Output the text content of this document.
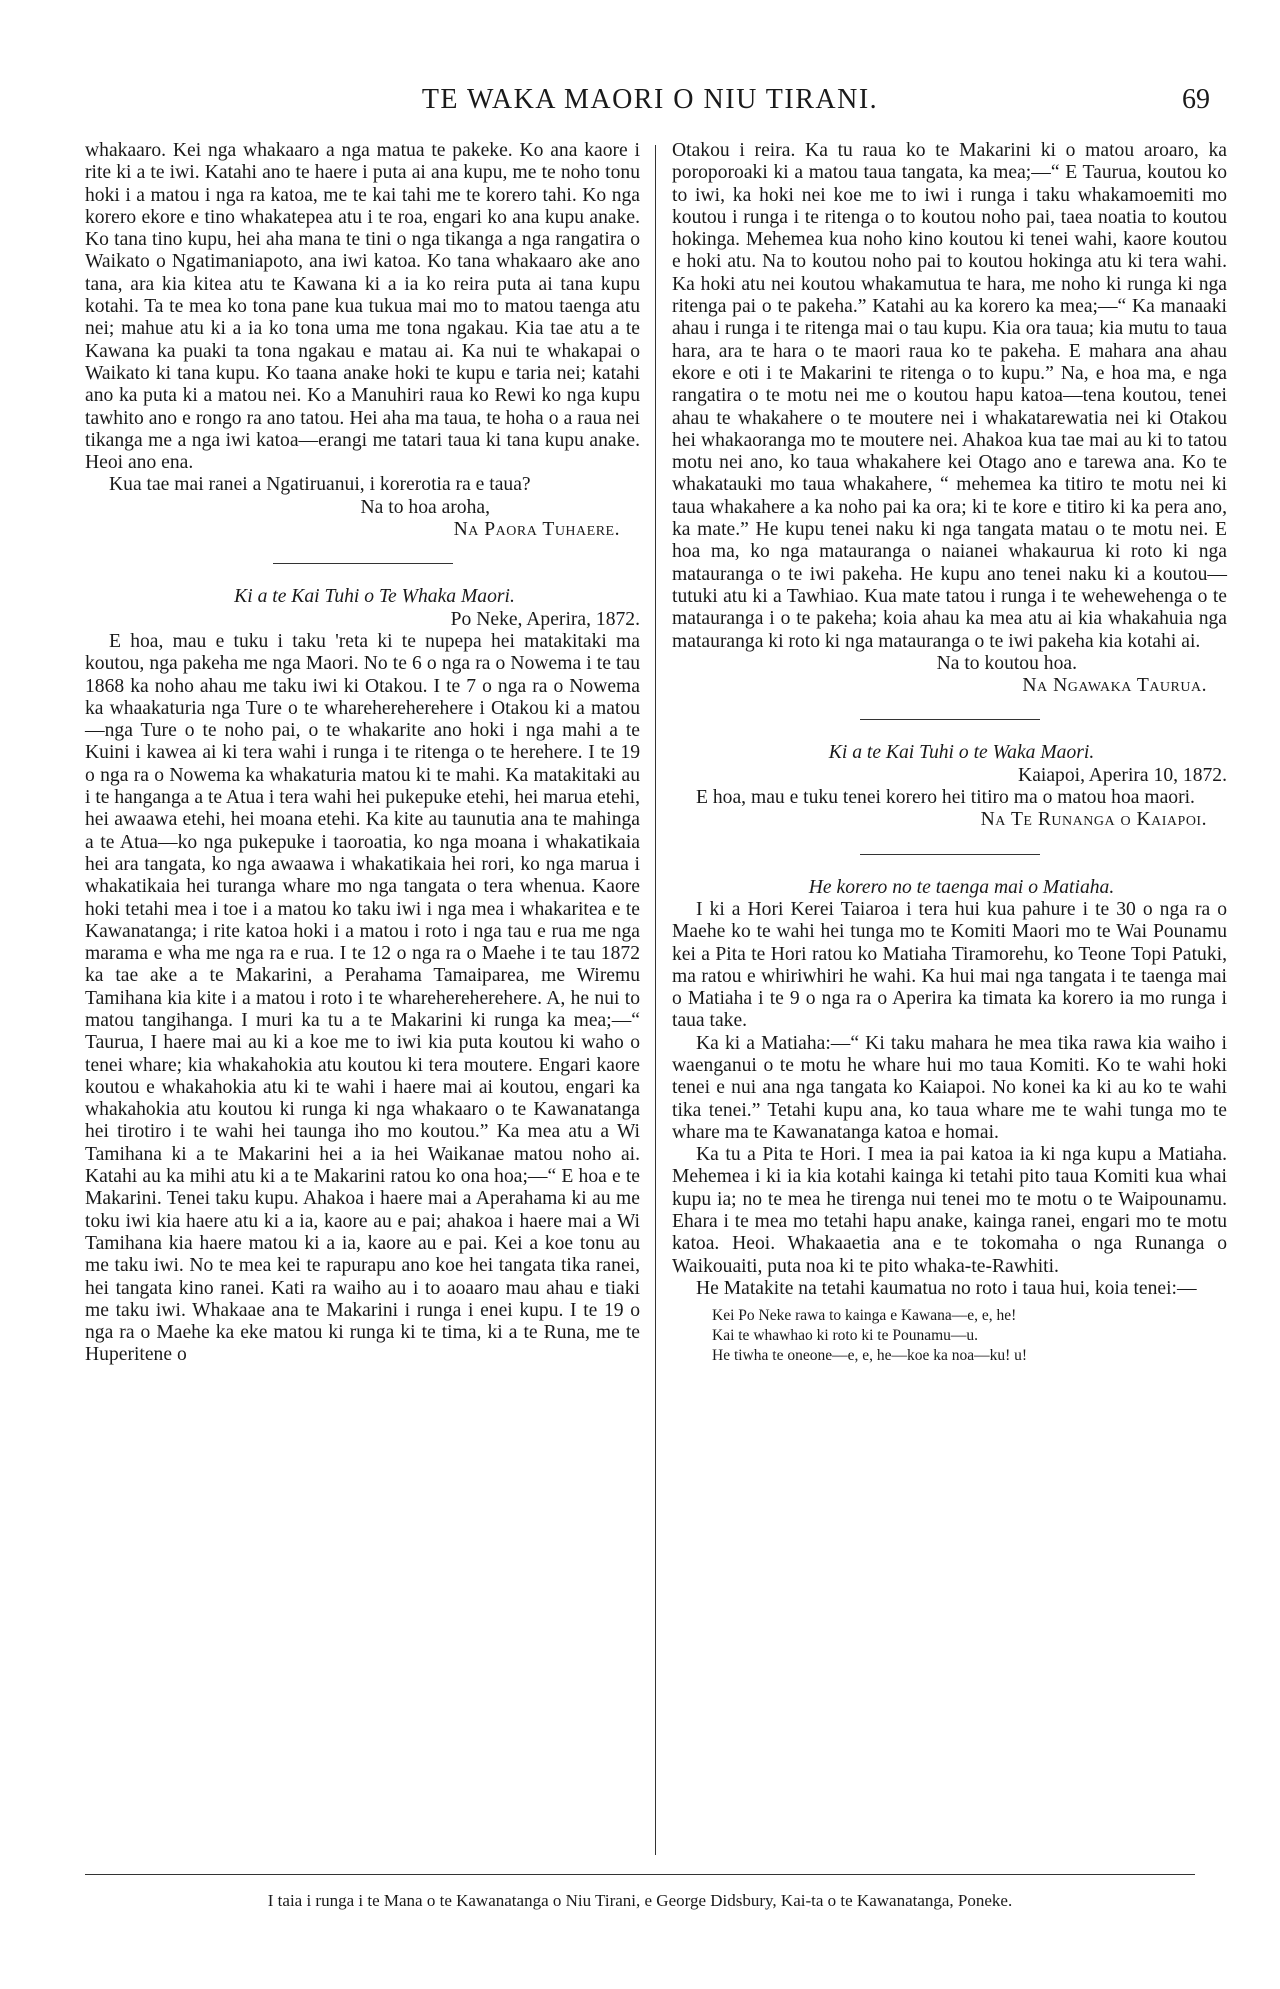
TE WAKA MAORI O NIU TIRANI.	69

whakaaro. Kei nga whakaaro a nga matua te pakeke. Ko ana kaore i rite ki a te iwi. Katahi ano te haere i puta ai ana kupu, me te noho tonu hoki i a matou i nga ra katoa, me te kai tahi me te korero tahi. Ko nga korero ekore e tino whakatepea atu i te roa, engari ko ana kupu anake. Ko tana tino kupu, hei aha mana te tini o nga tikanga a nga rangatira o Waikato o Ngatimaniapoto, ana iwi katoa. Ko tana whakaaro ake ano tana, ara kia kitea atu te Kawana ki a ia ko reira puta ai tana kupu kotahi. Ta te mea ko tona pane kua tukua mai mo to matou taenga atu nei; mahue atu ki a ia ko tona uma me tona ngakau. Kia tae atu a te Kawana ka puaki ta tona ngakau e matau ai. Ka nui te whakapai o Waikato ki tana kupu. Ko taana anake hoki te kupu e taria nei; katahi ano ka puta ki a matou nei. Ko a Manuhiri raua ko Rewi ko nga kupu tawhito ano e rongo ra ano tatou. Hei aha ma taua, te hoha o a raua nei tikanga me a nga iwi katoa—erangi me tatari taua ki tana kupu anake. Heoi ano ena.

Kua tae mai ranei a Ngatiruanui, i korerotia ra e taua?

Na to hoa aroha,

Na Paora Tuhaere.

Ki a te Kai Tuhi o Te Whaka Maori.

Po Neke, Aperira, 1872.

E hoa, mau e tuku i taku 'reta ki te nupepa hei matakitaki ma koutou, nga pakeha me nga Maori. No te 6 o nga ra o Nowema i te tau 1868 ka noho ahau me taku iwi ki Otakou. I te 7 o nga ra o Nowema ka whaakaturia nga Ture o te wharehereherehere i Otakou ki a matou—nga Ture o te noho pai, o te whakarite ano hoki i nga mahi a te Kuini i kawea ai ki tera wahi i runga i te ritenga o te herehere. I te 19 o nga ra o Nowema ka whakaturia matou ki te mahi. Ka matakitaki au i te hanganga a te Atua i tera wahi hei pukepuke etehi, hei marua etehi, hei awaawa etehi, hei moana etehi. Ka kite au taunutia ana te mahinga a te Atua—ko nga pukepuke i taoroatia, ko nga moana i whakatikaia hei ara tangata, ko nga awaawa i whakatikaia hei rori, ko nga marua i whakatikaia hei turanga whare mo nga tangata o tera whenua. Kaore hoki tetahi mea i toe i a matou ko taku iwi i nga mea i whakaritea e te Kawanatanga; i rite katoa hoki i a matou i roto i nga tau e rua me nga marama e wha me nga ra e rua. I te 12 o nga ra o Maehe i te tau 1872 ka tae ake a te Makarini, a Perahama Tamaiparea, me Wiremu Tamihana kia kite i a matou i roto i te wharehereherehere. A, he nui to matou tangihanga. I muri ka tu a te Makarini ki runga ka mea;—“ Taurua, I haere mai au ki a koe me to iwi kia puta koutou ki waho o tenei whare; kia whakahokia atu koutou ki tera moutere. Engari kaore koutou e whakahokia atu ki te wahi i haere mai ai koutou, engari ka whakahokia atu koutou ki runga ki nga whakaaro o te Kawanatanga hei tirotiro i te wahi hei taunga iho mo koutou.” Ka mea atu a Wi Tamihana ki a te Makarini hei a ia hei Waikanae matou noho ai. Katahi au ka mihi atu ki a te Makarini ratou ko ona hoa;—“ E hoa e te Makarini. Tenei taku kupu. Ahakoa i haere mai a Aperahama ki au me toku iwi kia haere atu ki a ia, kaore au e pai; ahakoa i haere mai a Wi Tamihana kia haere matou ki a ia, kaore au e pai. Kei a koe tonu au me taku iwi. No te mea kei te rapurapu ano koe hei tangata tika ranei, hei tangata kino ranei. Kati ra waiho au i to aoaaro mau ahau e tiaki me taku iwi. Whakaae ana te Makarini i runga i enei kupu. I te 19 o nga ra o Maehe ka eke matou ki runga ki te tima, ki a te Runa, me te Huperitene o

Otakou i reira. Ka tu raua ko te Makarini ki o matou aroaro, ka poroporoaki ki a matou taua tangata, ka mea;—“ E Taurua, koutou ko to iwi, ka hoki nei koe me to iwi i runga i taku whakamoemiti mo koutou i runga i te ritenga o to koutou noho pai, taea noatia to koutou hokinga. Mehemea kua noho kino koutou ki tenei wahi, kaore koutou e hoki atu. Na to koutou noho pai to koutou hokinga atu ki tera wahi. Ka hoki atu nei koutou whakamutua te hara, me noho ki runga ki nga ritenga pai o te pakeha.” Katahi au ka korero ka mea;—“ Ka manaaki ahau i runga i te ritenga mai o tau kupu. Kia ora taua; kia mutu to taua hara, ara te hara o te maori raua ko te pakeha. E mahara ana ahau ekore e oti i te Makarini te ritenga o to kupu.” Na, e hoa ma, e nga rangatira o te motu nei me o koutou hapu katoa—tena koutou, tenei ahau te whakahere o te moutere nei i whakatarewatia nei ki Otakou hei whakaoranga mo te moutere nei. Ahakoa kua tae mai au ki to tatou motu nei ano, ko taua whakahere kei Otago ano e tarewa ana. Ko te whakatauki mo taua whakahere, “ mehemea ka titiro te motu nei ki taua whakahere a ka noho pai ka ora; ki te kore e titiro ki ka pera ano, ka mate.” He kupu tenei naku ki nga tangata matau o te motu nei. E hoa ma, ko nga matauranga o naianei whakaurua ki roto ki nga matauranga o te iwi pakeha. He kupu ano tenei naku ki a koutou—tutuki atu ki a Tawhiao. Kua mate tatou i runga i te wehewehenga o te matauranga i o te pakeha; koia ahau ka mea atu ai kia whakahuia nga matauranga ki roto ki nga matauranga o te iwi pakeha kia kotahi ai.

Na to koutou hoa.

Na Ngawaka Taurua.

Ki a te Kai Tuhi o te Waka Maori.

Kaiapoi, Aperira 10, 1872.

E hoa, mau e tuku tenei korero hei titiro ma o matou hoa maori.

Na Te Runanga o Kaiapoi.

He korero no te taenga mai o Matiaha.

I ki a Hori Kerei Taiaroa i tera hui kua pahure i te 30 o nga ra o Maehe ko te wahi hei tunga mo te Komiti Maori mo te Wai Pounamu kei a Pita te Hori ratou ko Matiaha Tiramorehu, ko Teone Topi Patuki, ma ratou e whiriwhiri he wahi. Ka hui mai nga tangata i te taenga mai o Matiaha i te 9 o nga ra o Aperira ka timata ka korero ia mo runga i taua take.

Ka ki a Matiaha:—“ Ki taku mahara he mea tika rawa kia waiho i waenganui o te motu he whare hui mo taua Komiti. Ko te wahi hoki tenei e nui ana nga tangata ko Kaiapoi. No konei ka ki au ko te wahi tika tenei.” Tetahi kupu ana, ko taua whare me te wahi tunga mo te whare ma te Kawanatanga katoa e homai.

Ka tu a Pita te Hori. I mea ia pai katoa ia ki nga kupu a Matiaha. Mehemea i ki ia kia kotahi kainga ki tetahi pito taua Komiti kua whai kupu ia; no te mea he tirenga nui tenei mo te motu o te Waipounamu. Ehara i te mea mo tetahi hapu anake, kainga ranei, engari mo te motu katoa. Heoi. Whakaaetia ana e te tokomaha o nga Runanga o Waikouaiti, puta noa ki te pito whaka-te-Rawhiti.

He Matakite na tetahi kaumatua no roto i taua hui, koia tenei:—

Kei Po Neke rawa to kainga e Kawana—e, e, he!
Kai te whawhao ki roto ki te Pounamu—u.
He tiwha te oneone—e, e, he—koe ka noa—ku! u!
I taia i runga i te Mana o te Kawanatanga o Niu Tirani, e George Didsbury, Kai-ta o te Kawanatanga, Poneke.
